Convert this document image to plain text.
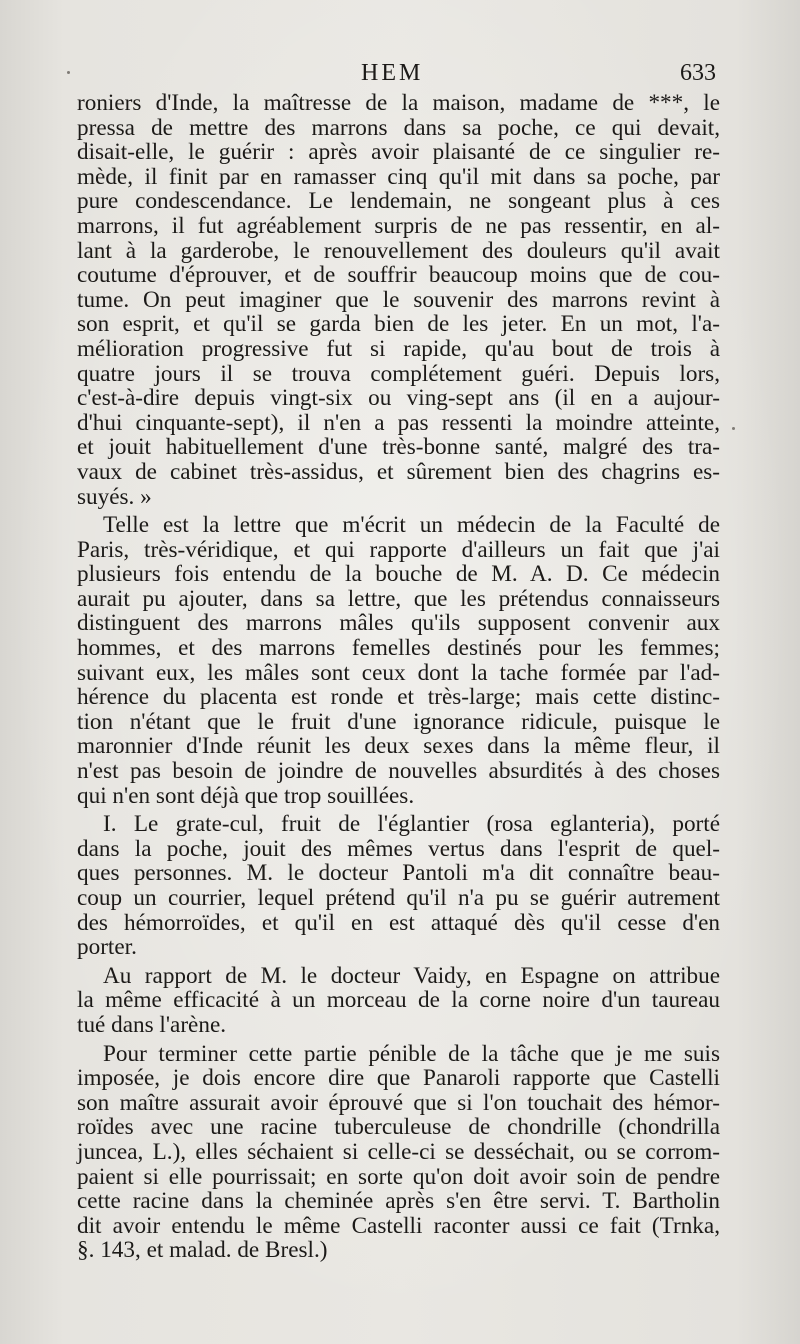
HEM	633
roniers d'Inde, la maîtresse de la maison, madame de ***, le
pressa de mettre des marrons dans sa poche, ce qui devait,
disait-elle, le guérir : après avoir plaisanté de ce singulier re-
mède, il finit par en ramasser cinq qu'il mit dans sa poche, par
pure condescendance. Le lendemain, ne songeant plus à ces
marrons, il fut agréablement surpris de ne pas ressentir, en al-
lant à la garderobe, le renouvellement des douleurs qu'il avait
coutume d'éprouver, et de souffrir beaucoup moins que de cou-
tume. On peut imaginer que le souvenir des marrons revint à
son esprit, et qu'il se garda bien de les jeter. En un mot, l'a-
mélioration progressive fut si rapide, qu'au bout de trois à
quatre jours il se trouva complétement guéri. Depuis lors,
c'est-à-dire depuis vingt-six ou ving-sept ans (il en a aujour-
d'hui cinquante-sept), il n'en a pas ressenti la moindre atteinte,
et jouit habituellement d'une très-bonne santé, malgré des tra-
vaux de cabinet très-assidus, et sûrement bien des chagrins es-
suyés. »
Telle est la lettre que m'écrit un médecin de la Faculté de
Paris, très-véridique, et qui rapporte d'ailleurs un fait que j'ai
plusieurs fois entendu de la bouche de M. A. D. Ce médecin
aurait pu ajouter, dans sa lettre, que les prétendus connaisseurs
distinguent des marrons mâles qu'ils supposent convenir aux
hommes, et des marrons femelles destinés pour les femmes;
suivant eux, les mâles sont ceux dont la tache formée par l'ad-
hérence du placenta est ronde et très-large; mais cette distinc-
tion n'étant que le fruit d'une ignorance ridicule, puisque le
maronnier d'Inde réunit les deux sexes dans la même fleur, il
n'est pas besoin de joindre de nouvelles absurdités à des choses
qui n'en sont déjà que trop souillées.
I. Le grate-cul, fruit de l'églantier (rosa eglanteria), porté
dans la poche, jouit des mêmes vertus dans l'esprit de quel-
ques personnes. M. le docteur Pantoli m'a dit connaître beau-
coup un courrier, lequel prétend qu'il n'a pu se guérir autrement
des hémorroïdes, et qu'il en est attaqué dès qu'il cesse d'en
porter.
Au rapport de M. le docteur Vaidy, en Espagne on attribue
la même efficacité à un morceau de la corne noire d'un taureau
tué dans l'arène.
Pour terminer cette partie pénible de la tâche que je me suis
imposée, je dois encore dire que Panaroli rapporte que Castelli
son maître assurait avoir éprouvé que si l'on touchait des hémor-
roïdes avec une racine tuberculeuse de chondrille (chondrilla
juncea, L.), elles séchaient si celle-ci se desséchait, ou se corrom-
paient si elle pourrissait; en sorte qu'on doit avoir soin de pendre
cette racine dans la cheminée après s'en être servi. T. Bartholin
dit avoir entendu le même Castelli raconter aussi ce fait (Trnka,
§. 143, et malad. de Bresl.)
